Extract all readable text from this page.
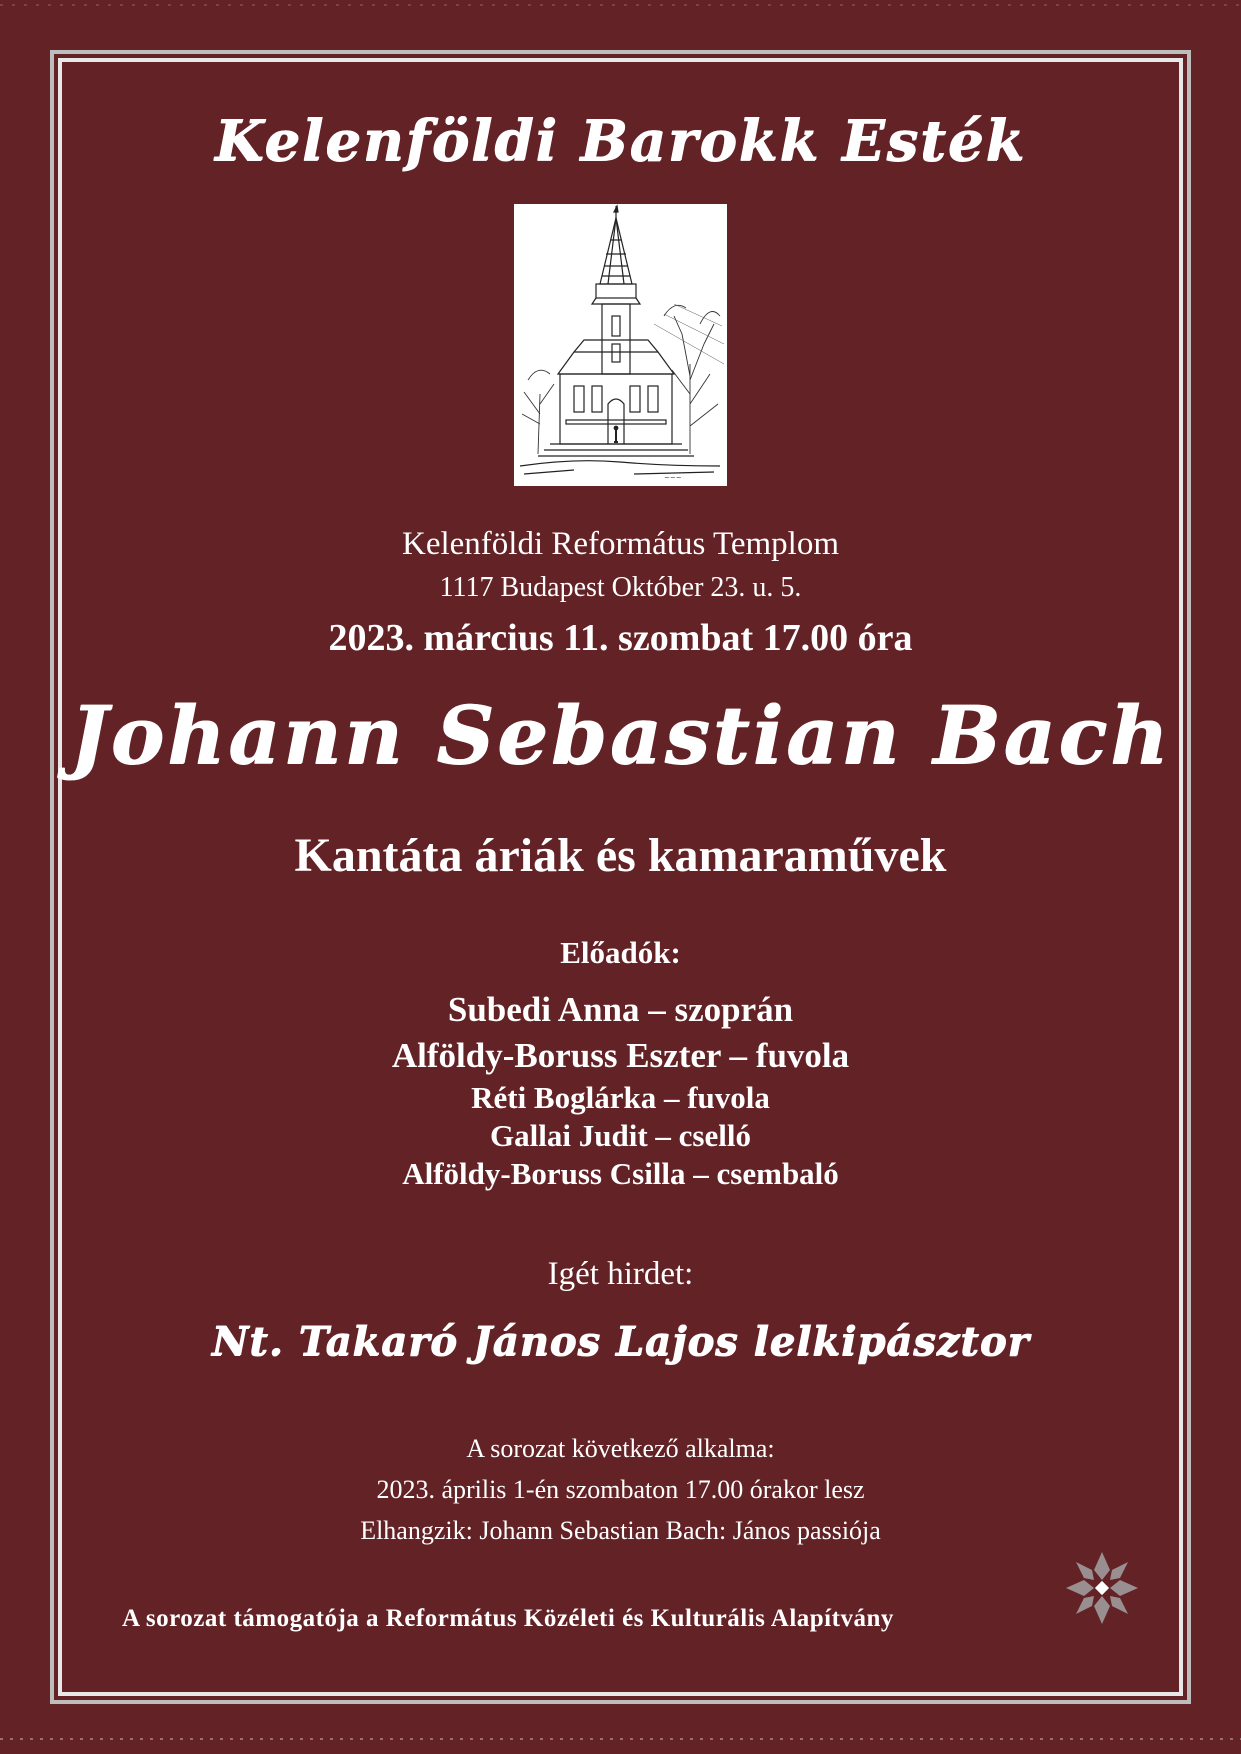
Kelenföldi Barokk Esték
~~~
Kelenföldi Református Templom
1117 Budapest Október 23. u. 5.
2023. március 11. szombat 17.00 óra
Johann Sebastian Bach
Kantáta áriák és kamaraművek
Előadók:
Subedi Anna – szoprán
Alföldy-Boruss Eszter – fuvola
Réti Boglárka – fuvola
Gallai Judit – cselló
Alföldy-Boruss Csilla – csembaló
Igét hirdet:
Nt. Takaró János Lajos lelkipásztor
A sorozat következő alkalma:
2023. április 1-én szombaton 17.00 órakor lesz
Elhangzik: Johann Sebastian Bach: János passiója
A sorozat támogatója a Református Közéleti és Kulturális Alapítvány
